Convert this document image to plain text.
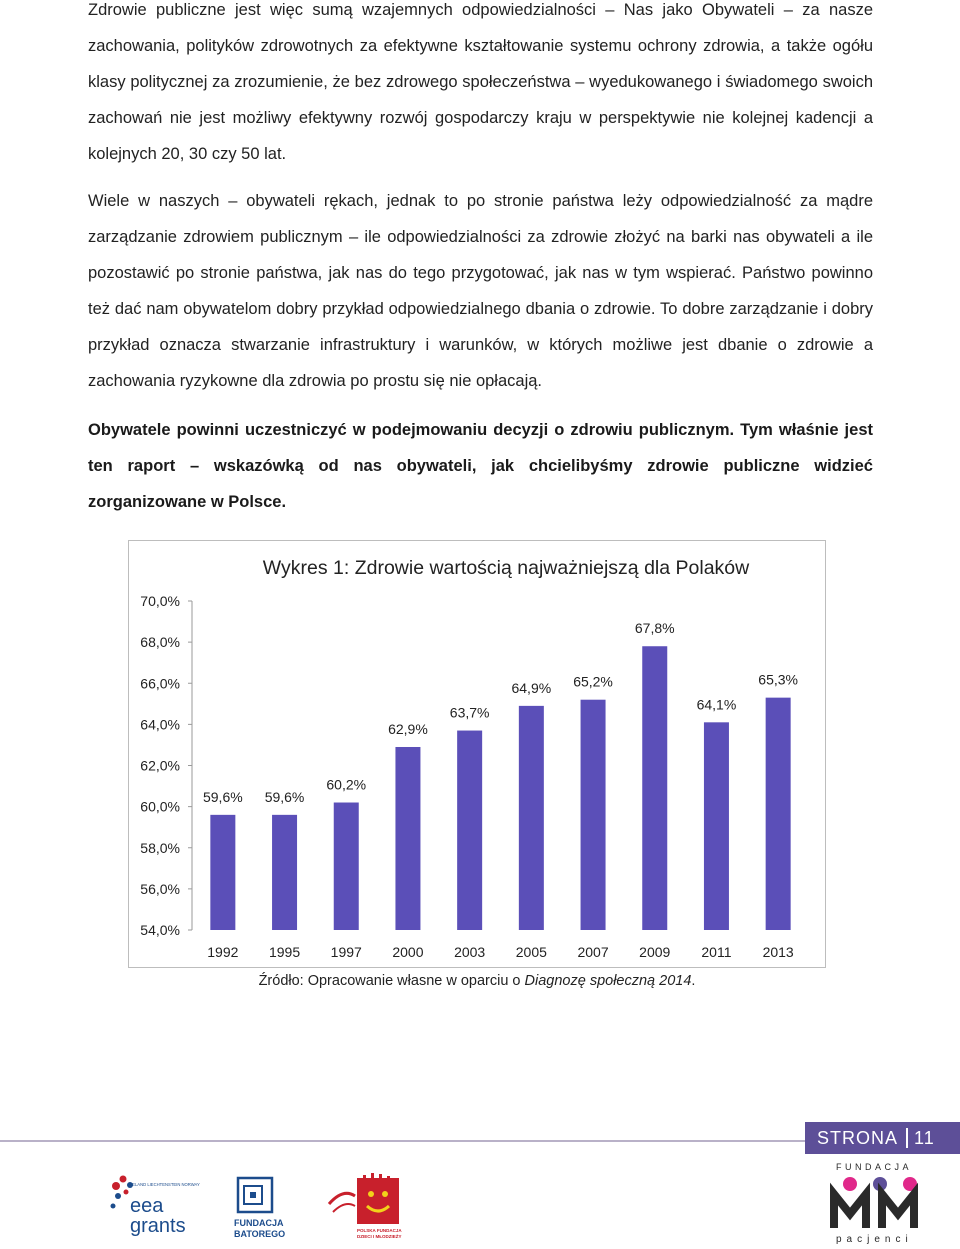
Zdrowie publiczne jest więc sumą wzajemnych odpowiedzialności – Nas jako Obywateli – za nasze zachowania, polityków zdrowotnych za efektywne kształtowanie systemu ochrony zdrowia, a także ogółu klasy politycznej za zrozumienie, że bez zdrowego społeczeństwa – wyedukowanego i świadomego swoich zachowań nie jest możliwy efektywny rozwój gospodarczy kraju w perspektywie nie kolejnej kadencji a kolejnych 20, 30 czy 50 lat.

Wiele w naszych – obywateli rękach, jednak to po stronie państwa leży odpowiedzialność za mądre zarządzanie zdrowiem publicznym – ile odpowiedzialności za zdrowie złożyć na barki nas obywateli a ile pozostawić po stronie państwa, jak nas do tego przygotować, jak nas w tym wspierać. Państwo powinno też dać nam obywatelom dobry przykład odpowiedzialnego dbania o zdrowie. To dobre zarządzanie i dobry przykład oznacza stwarzanie infrastruktury i warunków, w których możliwe jest dbanie o zdrowie a zachowania ryzykowne dla zdrowia po prostu się nie opłacają.

Obywatele powinni uczestniczyć w podejmowaniu decyzji o zdrowiu publicznym. Tym właśnie jest ten raport – wskazówką od nas obywateli, jak chcielibyśmy zdrowie publiczne widzieć zorganizowane w Polsce.

Wykres 1: Zdrowie wartością najważniejszą dla Polaków
54,0%
56,0%
58,0%
60,0%
62,0%
64,0%
66,0%
68,0%
70,0%
59,6%
1992
59,6%
1995
60,2%
1997
62,9%
2000
63,7%
2003
64,9%
2005
65,2%
2007
67,8%
2009
64,1%
2011
65,3%
2013
Źródło: Opracowanie własne w oparciu o Diagnozę społeczną 2014.
STRONA 11
ICELAND LIECHTENSTEIN NORWAY
eea
grants	FUNDACJA
BATOREGO	POLSKA FUNDACJA
DZIECI I MŁODZIEŻY
FUNDACJA
pacjenci
